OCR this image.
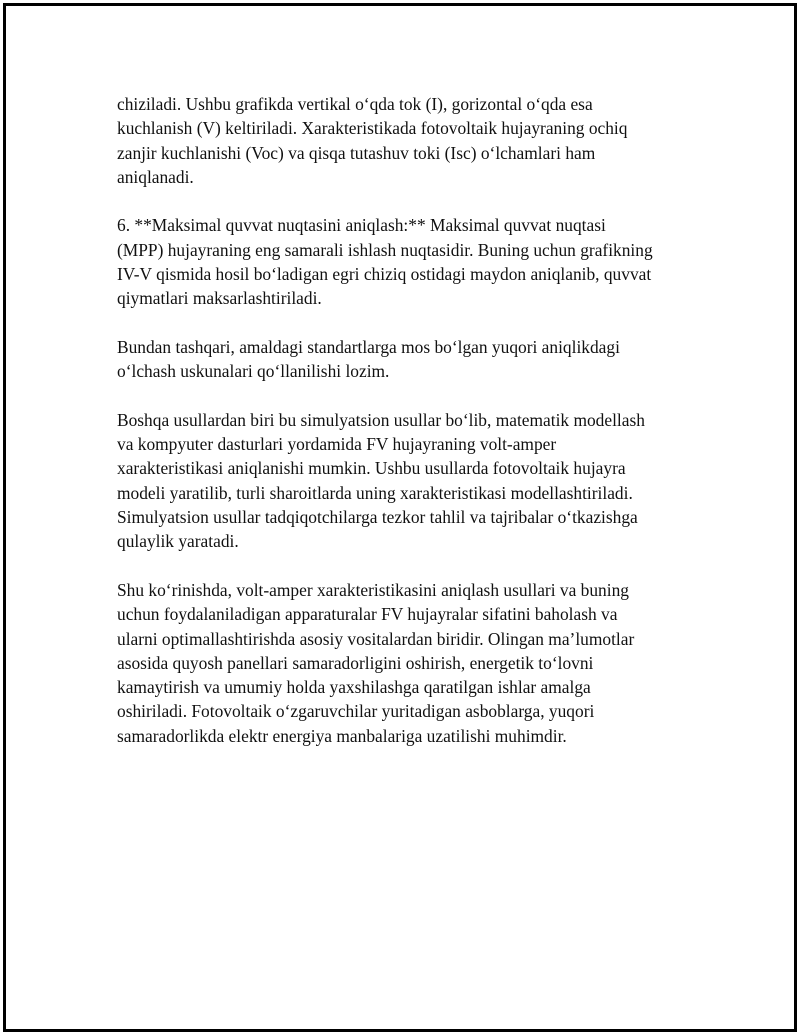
chiziladi. Ushbu grafikda vertikal o‘qda tok (I), gorizontal o‘qda esa
kuchlanish (V) keltiriladi. Xarakteristikada fotovoltaik hujayraning ochiq
zanjir kuchlanishi (Voc) va qisqa tutashuv toki (Isc) o‘lchamlari ham
aniqlanadi.

6. **Maksimal quvvat nuqtasini aniqlash:** Maksimal quvvat nuqtasi
(MPP) hujayraning eng samarali ishlash nuqtasidir. Buning uchun grafikning
IV-V qismida hosil bo‘ladigan egri chiziq ostidagi maydon aniqlanib, quvvat
qiymatlari maksarlashtiriladi.

Bundan tashqari, amaldagi standartlarga mos bo‘lgan yuqori aniqlikdagi
o‘lchash uskunalari qo‘llanilishi lozim.

Boshqa usullardan biri bu simulyatsion usullar bo‘lib, matematik modellash
va kompyuter dasturlari yordamida FV hujayraning volt-amper
xarakteristikasi aniqlanishi mumkin. Ushbu usullarda fotovoltaik hujayra
modeli yaratilib, turli sharoitlarda uning xarakteristikasi modellashtiriladi.
Simulyatsion usullar tadqiqotchilarga tezkor tahlil va tajribalar o‘tkazishga
qulaylik yaratadi.

Shu ko‘rinishda, volt-amper xarakteristikasini aniqlash usullari va buning
uchun foydalaniladigan apparaturalar FV hujayralar sifatini baholash va
ularni optimallashtirishda asosiy vositalardan biridir. Olingan ma’lumotlar
asosida quyosh panellari samaradorligini oshirish, energetik to‘lovni
kamaytirish va umumiy holda yaxshilashga qaratilgan ishlar amalga
oshiriladi. Fotovoltaik o‘zgaruvchilar yuritadigan asboblarga, yuqori
samaradorlikda elektr energiya manbalariga uzatilishi muhimdir.
